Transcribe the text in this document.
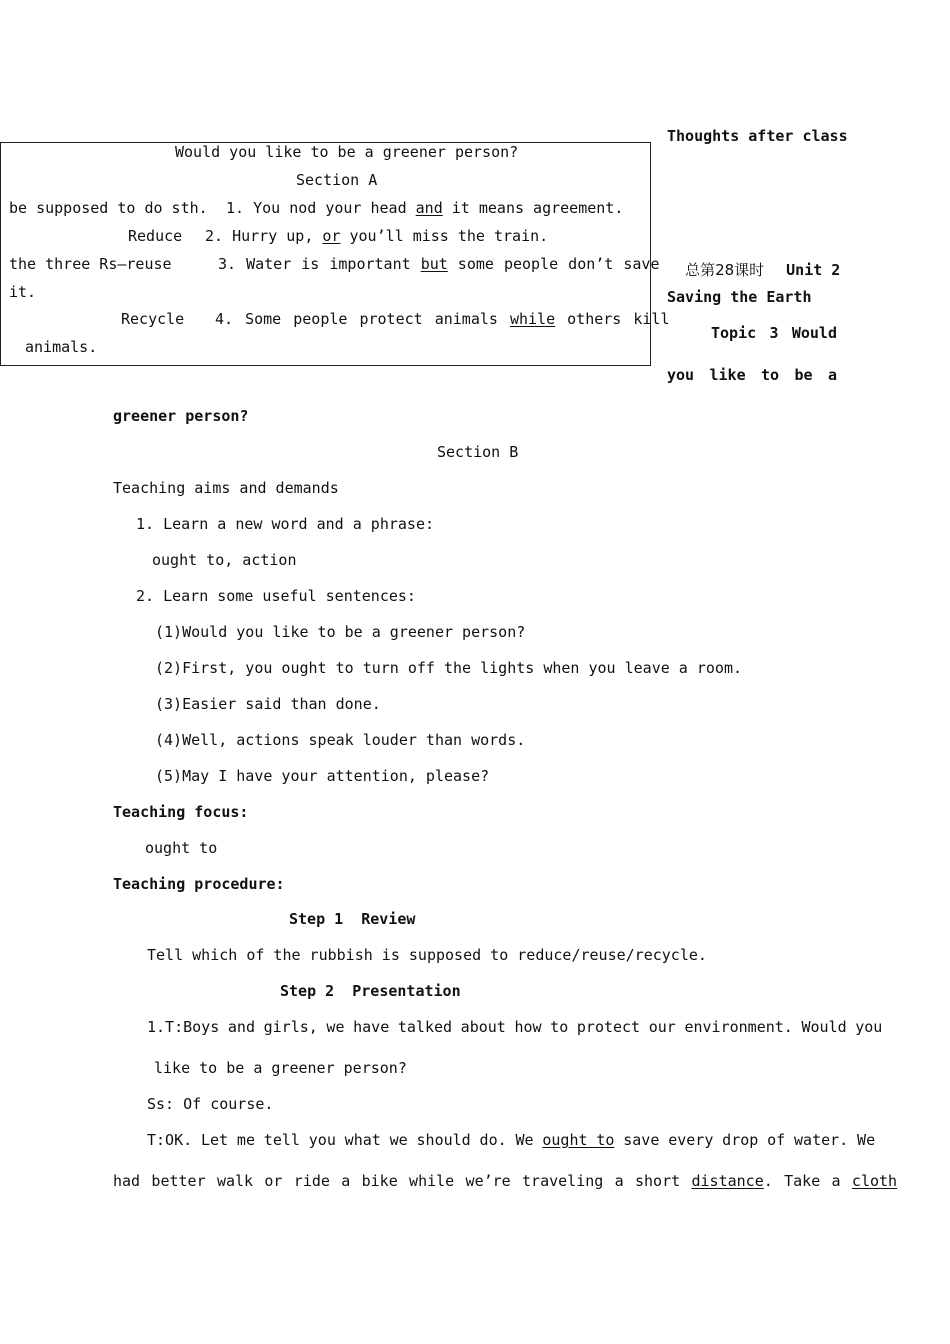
Thoughts after class

总第28课时 Unit 2

Saving the Earth
Topic 3 Would
you like to be a
greener person?
Would you like to be a greener person?
Section A
be supposed to do sth. 1. You nod your head and it means agreement.
Reduce 2. Hurry up, or you’ll miss the train.
the three Rs—reuse	3. Water is important but some people don’t save
it.
Recycle 4. Some people protect animals while others kill
animals.
Section B
Teaching aims and demands
1. Learn a new word and a phrase:
ought to, action
2. Learn some useful sentences:
(1)Would you like to be a greener person?
(2)First, you ought to turn off the lights when you leave a room.
(3)Easier said than done.
(4)Well, actions speak louder than words.
(5)May I have your attention, please?
Teaching focus:
ought to
Teaching procedure:
Step 1  Review
Tell which of the rubbish is supposed to reduce/reuse/recycle.
Step 2  Presentation
1.T:Boys and girls, we have talked about how to protect our environment. Would you
like to be a greener person?
Ss: Of course.
T:OK. Let me tell you what we should do. We ought to save every drop of water. We
had better walk or ride a bike while we’re traveling a short distance. Take a cloth
